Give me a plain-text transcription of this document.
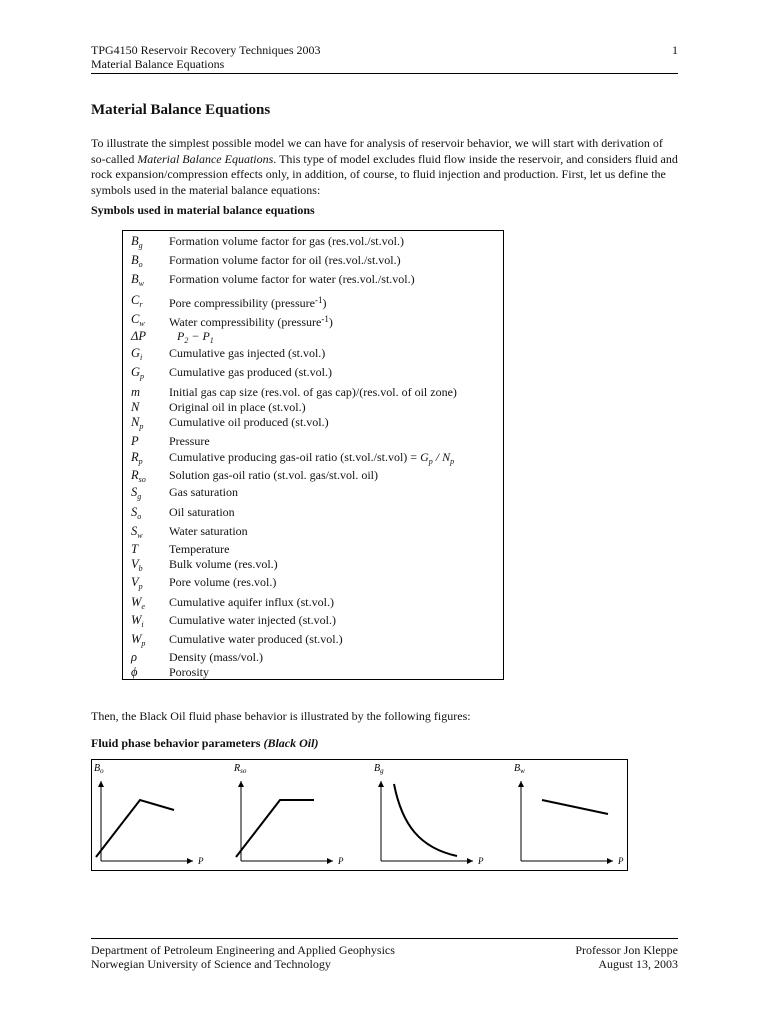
TPG4150 Reservoir Recovery Techniques 2003
Material Balance Equations
1
Material Balance Equations
To illustrate the simplest possible model we can have for analysis of reservoir behavior, we will start with derivation of so-called Material Balance Equations. This type of model excludes fluid flow inside the reservoir, and considers fluid and rock expansion/compression effects only, in addition, of course, to fluid injection and production. First, let us define the symbols used in the material balance equations:
Symbols used in material balance equations
$B_g$ Formation volume factor for gas (res.vol./st.vol.)
$B_o$ Formation volume factor for oil (res.vol./st.vol.)
$B_w$ Formation volume factor for water (res.vol./st.vol.)
$C_r$ Pore compressibility (pressure$^{-1}$)
$C_w$ Water compressibility (pressure$^{-1}$)
ΔP	$P_2 - P_1$
$G_i$ Cumulative gas injected (st.vol.)
$G_p$ Cumulative gas produced (st.vol.)
m Initial gas cap size (res.vol. of gas cap)/(res.vol. of oil zone)
N Original oil in place (st.vol.)
$N_p$ Cumulative oil produced (st.vol.)
P	Pressure
$R_p$ Cumulative producing gas-oil ratio $(st.vol./st.vol) = G_p / N_p$
$R_{so}$ Solution gas-oil ratio (st.vol. gas/st.vol. oil)
$S_g$ Gas saturation
$S_o$ Oil saturation
$S_w$ Water saturation
T	Temperature
$V_b$ Bulk volume (res.vol.)
$V_p$ Pore volume (res.vol.)
$W_e$ Cumulative aquifer influx (st.vol.)
$W_i$ Cumulative water injected (st.vol.)
$W_p$ Cumulative water produced (st.vol.)
ρ	Density (mass/vol.)
ϕ	Porosity
Then, the Black Oil fluid phase behavior is illustrated by the following figures:
Fluid phase behavior parameters (Black Oil)
$B_o$
P
$R_{so}$
P
$B_g$
P
$B_w$
P
Department of Petroleum Engineering and Applied Geophysics
Norwegian University of Science and Technology
Professor Jon Kleppe
August 13, 2003
